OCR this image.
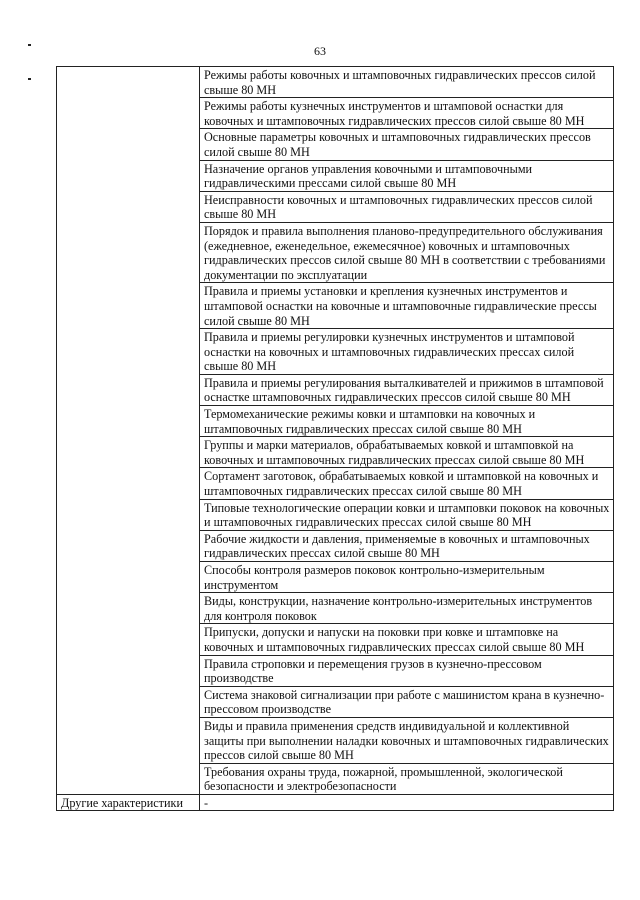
63
	Режимы работы ковочных и штамповочных гидравлических прессов силой свыше 80 МН
	Режимы работы кузнечных инструментов и штамповой оснастки для ковочных и штамповочных гидравлических прессов силой свыше 80 МН
	Основные параметры ковочных и штамповочных гидравлических прессов силой свыше 80 МН
	Назначение органов управления ковочными и штамповочными гидравлическими прессами силой свыше 80 МН
	Неисправности ковочных и штамповочных гидравлических прессов силой свыше 80 МН
	Порядок и правила выполнения планово-предупредительного обслуживания (ежедневное, еженедельное, ежемесячное) ковочных и штамповочных гидравлических прессов силой свыше 80 МН в соответствии с требованиями документации по эксплуатации
	Правила и приемы установки и крепления кузнечных инструментов и штамповой оснастки на ковочные и штамповочные гидравлические прессы силой свыше 80 МН
	Правила и приемы регулировки кузнечных инструментов и штамповой оснастки на ковочных и штамповочных гидравлических прессах силой свыше 80 МН
	Правила и приемы регулирования выталкивателей и прижимов в штамповой оснастке штамповочных гидравлических прессов силой свыше 80 МН
	Термомеханические режимы ковки и штамповки на ковочных и штамповочных гидравлических прессах силой свыше 80 МН
	Группы и марки материалов, обрабатываемых ковкой и штамповкой на ковочных и штамповочных гидравлических прессах силой свыше 80 МН
	Сортамент заготовок, обрабатываемых ковкой и штамповкой на ковочных и штамповочных гидравлических прессах силой свыше 80 МН
	Типовые технологические операции ковки и штамповки поковок на ковочных и штамповочных гидравлических прессах силой свыше 80 МН
	Рабочие жидкости и давления, применяемые в ковочных и штамповочных гидравлических прессах силой свыше 80 МН
	Способы контроля размеров поковок контрольно-измерительным инструментом
	Виды, конструкции, назначение контрольно-измерительных инструментов для контроля поковок
	Припуски, допуски и напуски на поковки при ковке и штамповке на ковочных и штамповочных гидравлических прессах силой свыше 80 МН
	Правила строповки и перемещения грузов в кузнечно-прессовом производстве
	Система знаковой сигнализации при работе с машинистом крана в кузнечно-прессовом производстве
	Виды и правила применения средств индивидуальной и коллективной защиты при выполнении наладки ковочных и штамповочных гидравлических прессов силой свыше 80 МН
	Требования охраны труда, пожарной, промышленной, экологической безопасности и электробезопасности
Другие характеристики	-
